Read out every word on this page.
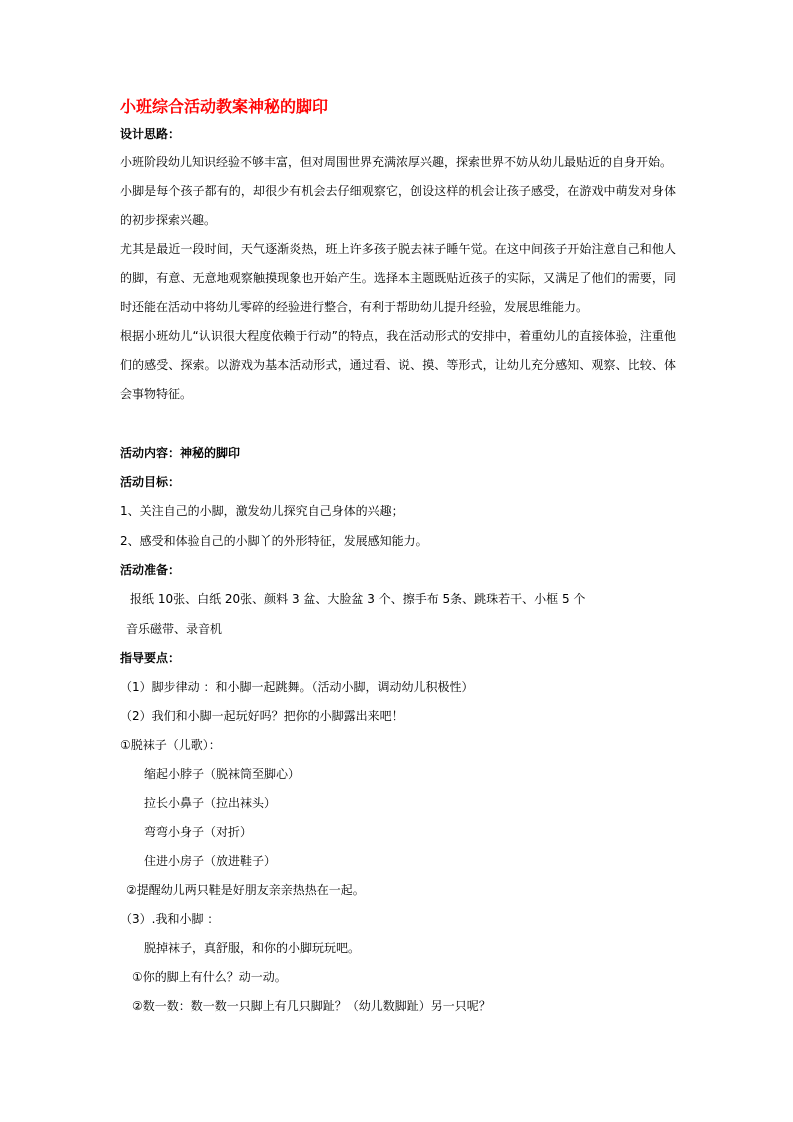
小班综合活动教案神秘的脚印
设计思路：
小班阶段幼儿知识经验不够丰富，但对周围世界充满浓厚兴趣，探索世界不妨从幼儿最贴近的自身开始。
小脚是每个孩子都有的，却很少有机会去仔细观察它，创设这样的机会让孩子感受，在游戏中萌发对身体
的初步探索兴趣。
尤其是最近一段时间，天气逐渐炎热，班上许多孩子脱去袜子睡午觉。在这中间孩子开始注意自己和他人
的脚，有意、无意地观察触摸现象也开始产生。选择本主题既贴近孩子的实际，又满足了他们的需要，同
时还能在活动中将幼儿零碎的经验进行整合，有利于帮助幼儿提升经验，发展思维能力。
根据小班幼儿“认识很大程度依赖于行动”的特点，我在活动形式的安排中，着重幼儿的直接体验，注重他
们的感受、探索。以游戏为基本活动形式，通过看、说、摸、等形式，让幼儿充分感知、观察、比较、体
会事物特征。
活动内容：神秘的脚印
活动目标：
1、关注自己的小脚，激发幼儿探究自己身体的兴趣；
2、感受和体验自己的小脚丫的外形特征，发展感知能力。
活动准备：
报纸 10张、白纸 20张、颜料 3 盆、大脸盆 3 个、擦手布 5条、跳珠若干、小框 5 个
音乐磁带、录音机
指导要点：
（1）脚步律动 ：和小脚一起跳舞。（活动小脚，调动幼儿积极性）
（2）我们和小脚一起玩好吗？把你的小脚露出来吧！
①脱袜子（儿歌）：
缩起小脖子（脱袜筒至脚心）
拉长小鼻子（拉出袜头）
弯弯小身子（对折）
住进小房子（放进鞋子）
②提醒幼儿两只鞋是好朋友亲亲热热在一起。
（3）.我和小脚 ：
脱掉袜子，真舒服，和你的小脚玩玩吧。
①你的脚上有什么？动一动。
②数一数：数一数一只脚上有几只脚趾？（幼儿数脚趾）另一只呢？
